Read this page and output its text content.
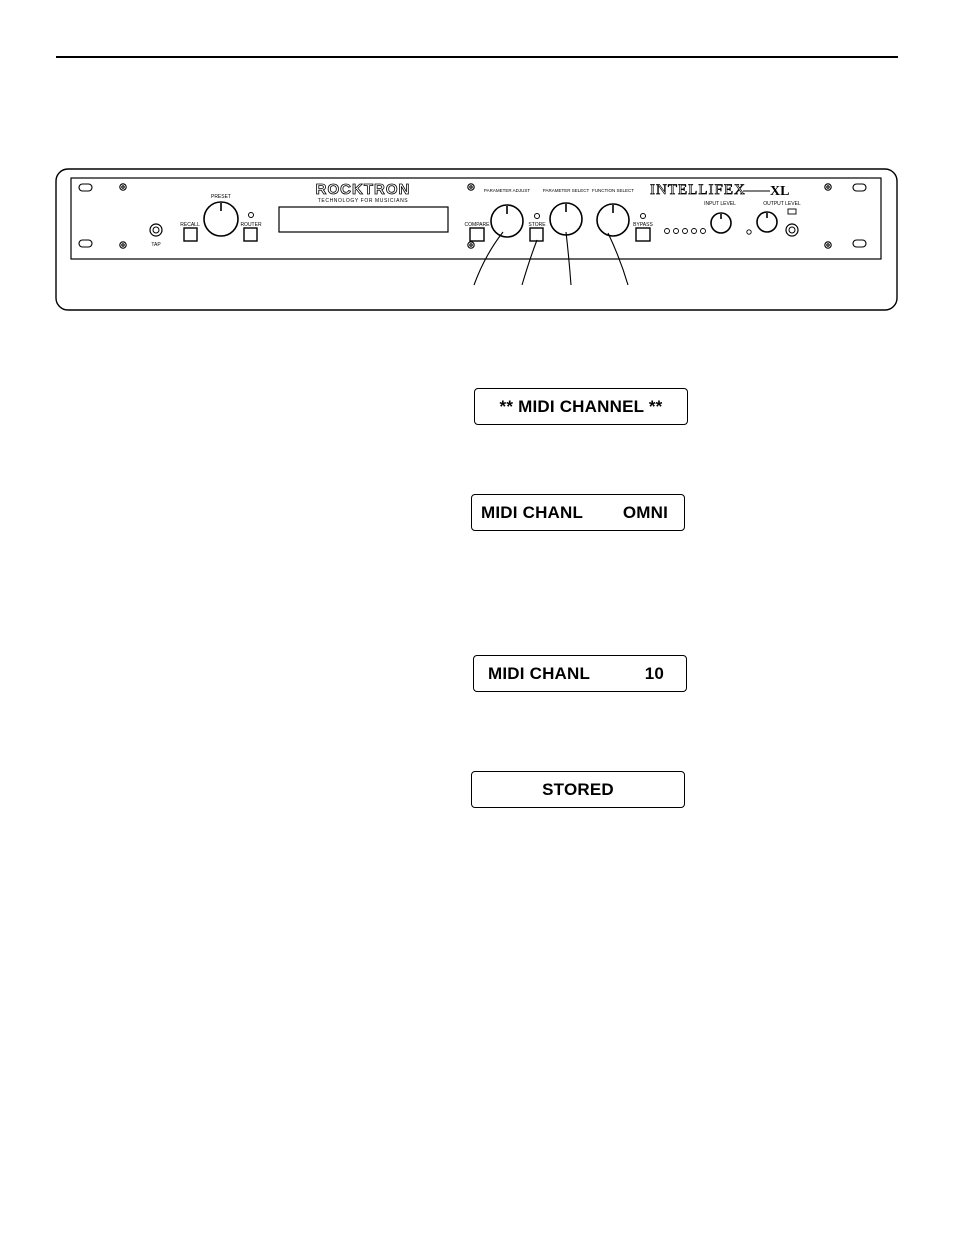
TAP
RECALL
PRESET
ROUTER
ROCKTRON
TECHNOLOGY FOR MUSICIANS
COMPARE
PARAMETER ADJUST
STORE
PARAMETER SELECT FUNCTION SELECT
BYPASS
INTELLIFEX XL
INPUT LEVEL	OUTPUT LEVEL
** MIDI CHANNEL **
MIDI CHANL OMNI
MIDI CHANL	10
STORED
